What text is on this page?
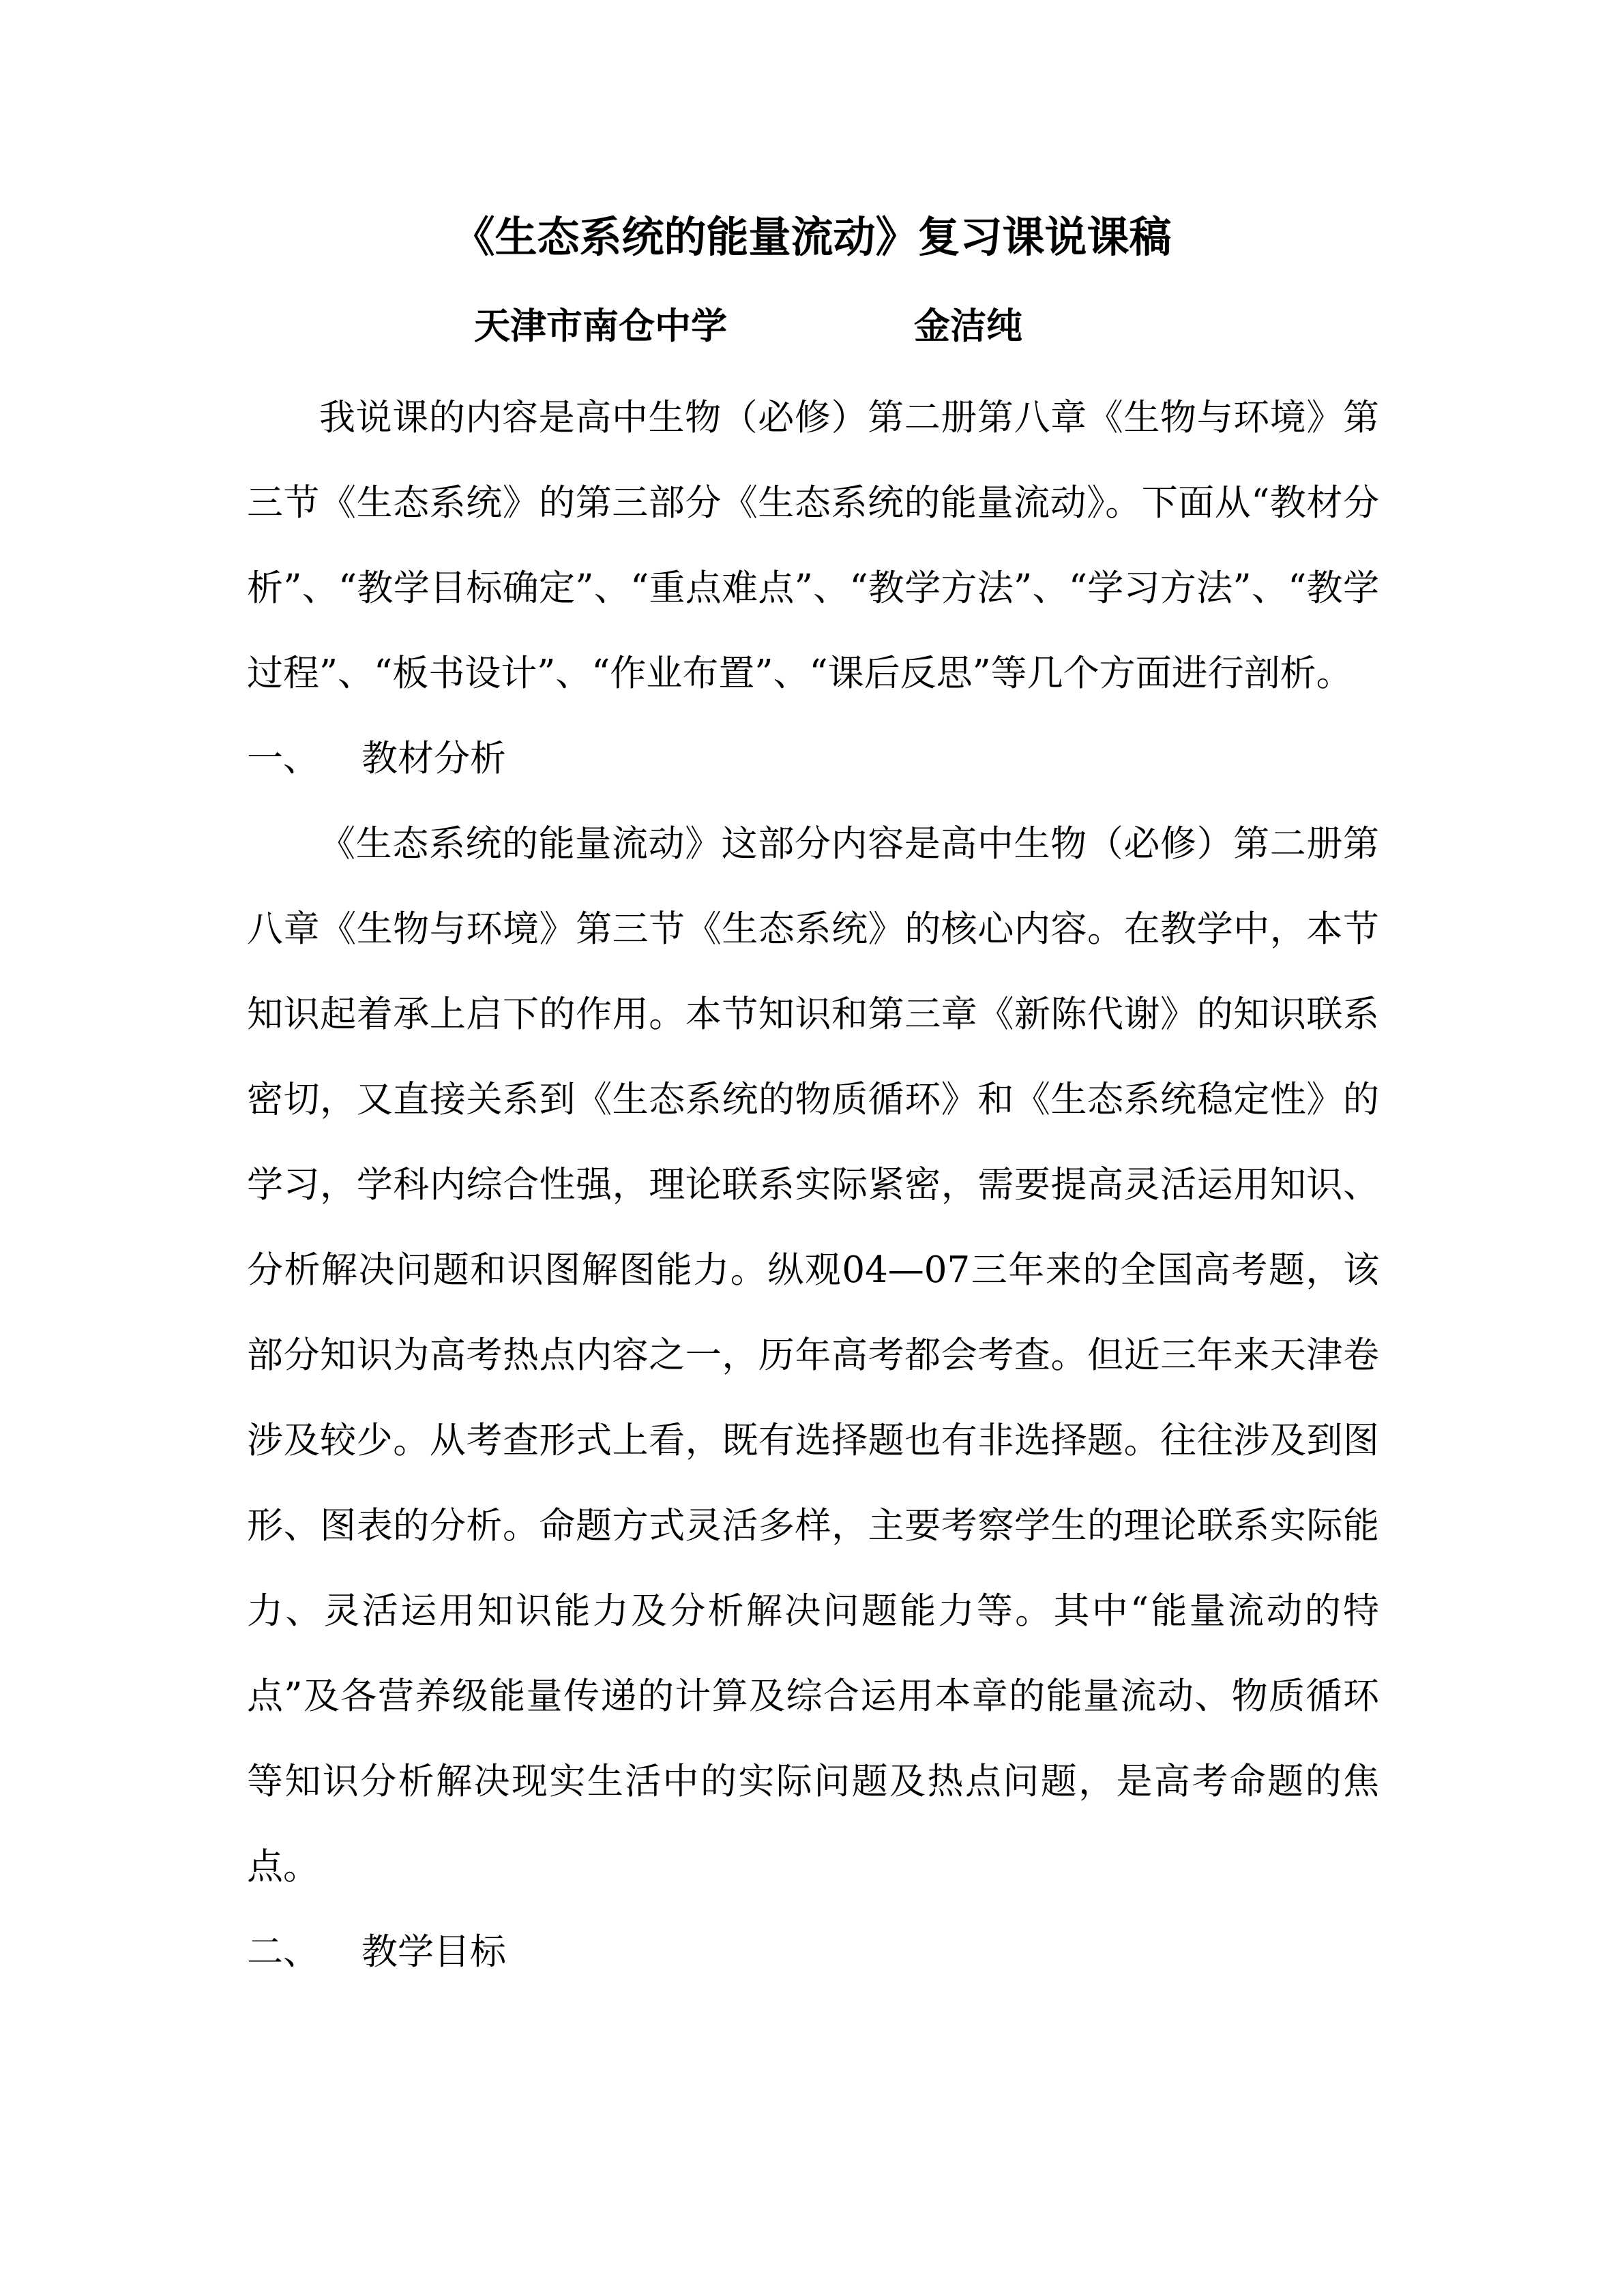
《生态系统的能量流动》复习课说课稿
天津市南仓中学	金洁纯

我说课的内容是高中生物（必修）第二册第八章《生物与环境》第三节《生态系统》的第三部分《生态系统的能量流动》。下面从“教材分析”、“教学目标确定”、“重点难点”、“教学方法”、“学习方法”、“教学过程”、“板书设计”、“作业布置”、“课后反思”等几个方面进行剖析。

一、 教材分析

《生态系统的能量流动》这部分内容是高中生物（必修）第二册第八章《生物与环境》第三节《生态系统》的核心内容。在教学中，本节知识起着承上启下的作用。本节知识和第三章《新陈代谢》的知识联系密切，又直接关系到《生态系统的物质循环》和《生态系统稳定性》的学习，学科内综合性强，理论联系实际紧密，需要提高灵活运用知识、分析解决问题和识图解图能力。纵观04—07三年来的全国高考题，该部分知识为高考热点内容之一，历年高考都会考查。但近三年来天津卷涉及较少。从考查形式上看，既有选择题也有非选择题。往往涉及到图形、图表的分析。命题方式灵活多样，主要考察学生的理论联系实际能力、灵活运用知识能力及分析解决问题能力等。其中“能量流动的特点”及各营养级能量传递的计算及综合运用本章的能量流动、物质循环等知识分析解决现实生活中的实际问题及热点问题，是高考命题的焦点。

二、 教学目标
